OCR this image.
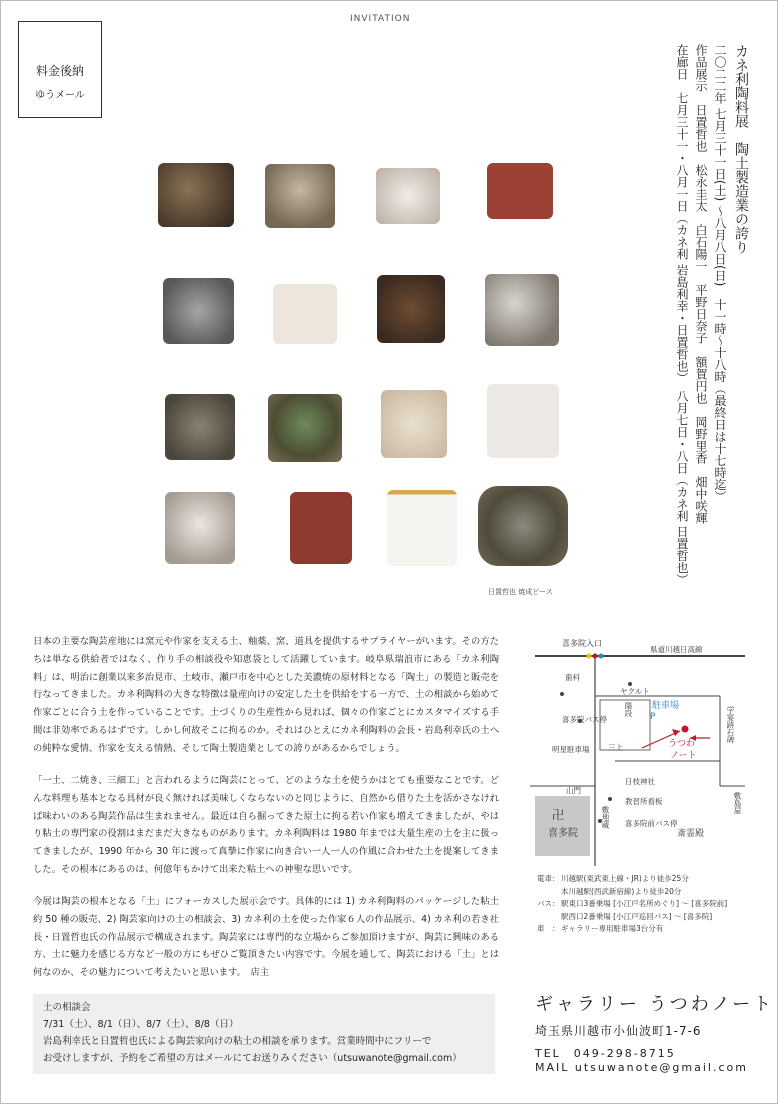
INVITATION
料金後納
ゆうメール	カネ利陶料展　陶土製造業の誇り
二〇二二年 七月三十一日(土) ～八月八日(日)　十一時～十八時（最終日は十七時迄）
作品展示　日置哲也　松永圭太　白石陽一　平野日奈子　額賀円也　岡野里香　畑中咲輝
在廊日　七月三十一・八月一日（カネ利 岩島利幸・日置哲也）　八月七日・八日（カネ利 日置哲也）
日置哲也 焼成ピース

日本の主要な陶芸産地には窯元や作家を支える土、釉薬、窯、道具を提供するサプライヤーがいます。その方たちは単なる供給者ではなく、作り手の相談役や知恵袋として活躍しています。岐阜県瑞浪市にある「カネ利陶料」は、明治に創業以来多治見市、土岐市、瀬戸市を中心とした美濃焼の原材料となる「陶土」の製造と販売を行なってきました。カネ利陶料の大きな特徴は量産向けの安定した土を供給をする一方で、土の相談から始めて作家ごとに合う土を作っていることです。土づくりの生産性から見れば、個々の作家ごとにカスタマイズする手間は非効率であるはずです。しかし何故そこに拘るのか。それはひとえにカネ利陶料の会長・岩島利幸氏の土への純粋な愛情、作家を支える情熱、そして陶土製造業としての誇りがあるからでしょう。

「一土、二焼き、三細工」と言われるように陶芸にとって、どのような土を使うかはとても重要なことです。どんな料理も基本となる具材が良く無ければ美味しくならないのと同じように、自然から借りた土を活かさなければ味わいのある陶芸作品は生まれません。最近は自ら掘ってきた原土に拘る若い作家も増えてきましたが、やはり粘土の専門家の役割はまだまだ大きなものがあります。カネ利陶料は 1980 年までは大量生産の土を主に扱ってきましたが、1990 年から 30 年に渡って真摯に作家に向き合い一人一人の作風に合わせた土を提案してきました。その根本にあるのは、何億年もかけて出来た粘土への神聖な思いです。

今展は陶芸の根本となる「土」にフォーカスした展示会です。具体的には 1) カネ利陶料のパッケージした粘土約 50 種の販売、2) 陶芸家向けの土の相談会、3) カネ利の土を使った作家６人の作品展示、4) カネ利の若き社長・日置哲也氏の作品展示で構成されます。陶芸家には専門的な立場からご参加頂けますが、陶芸に興味のある方、土に魅力を感じる方など一般の方にもぜひご覧頂きたい内容です。今展を通して、陶芸における「土」とは何なのか、その魅力について考えたいと思います。　店主

土の相談会
7/31（土）、8/1（日）、8/7（土）、8/8（日）
岩島利幸氏と日置哲也氏による陶芸家向けの粘土の相談を承ります。営業時間中にフリーで
お受けしますが、予約をご希望の方はメールにてお送りみください（utsuwanote@gmail.com）
喜多院入口
県道川越日高線
歯科
ヤクルト
駐車場
P
階段	学宴跡石碑
喜多院バス停
明星駐車場 三上	うつわ
ノート
日枝神社
山門
卍
喜多院
教習所看板
喜多院前バス停
斎霊殿
敷島屋
敷地蔵
電車： 川越駅(東武東上線・JR)より徒歩25分
本川越駅(西武新宿線)より徒歩20分
バス： 駅東口3番乗場 [小江戸名所めぐり] ～ [喜多院前]
駅西口2番乗場 [小江戸巡回バス] ～ [喜多院]
車　： ギャラリー専用駐車場3台分有
ギャラリー うつわノート
埼玉県川越市小仙波町1-7-6
TEL　049-298-8715
MAIL utsuwanote@gmail.com
